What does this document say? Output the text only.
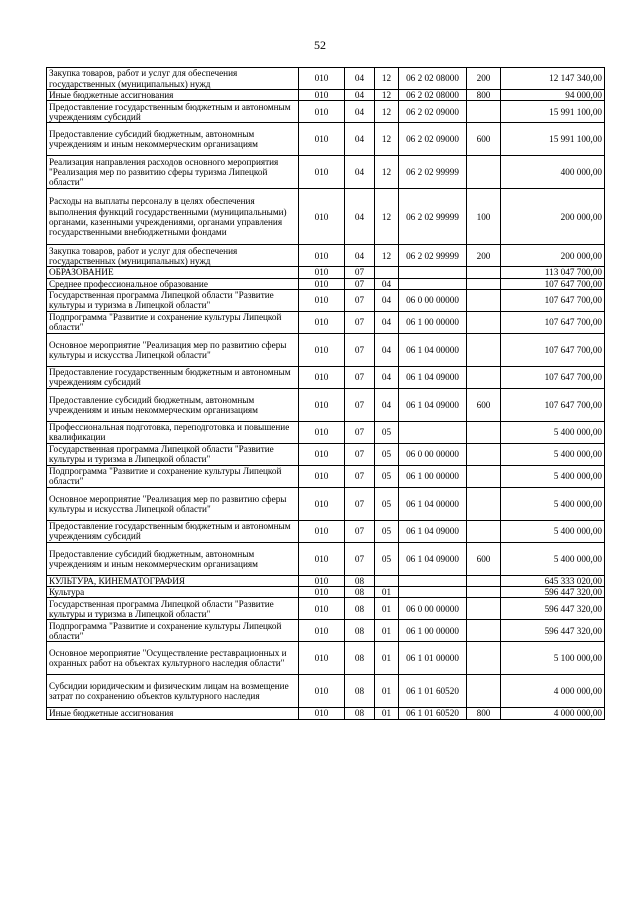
52
Закупка товаров, работ и услуг для обеспечения государственных (муниципальных) нужд	010	04	12	06 2 02 08000	200	12 147 340,00
Иные бюджетные ассигнования	010	04	12	06 2 02 08000	800	94 000,00
Предоставление государственным бюджетным и автономным учреждениям субсидий	010	04	12	06 2 02 09000		15 991 100,00
Предоставление субсидий бюджетным, автономным учреждениям и иным некоммерческим организациям	010	04	12	06 2 02 09000	600	15 991 100,00
Реализация направления расходов основного мероприятия "Реализация мер по развитию сферы туризма Липецкой области"	010	04	12	06 2 02 99999		400 000,00
Расходы на выплаты персоналу в целях обеспечения выполнения функций государственными (муниципальными) органами, казенными учреждениями, органами управления государственными внебюджетными фондами	010	04	12	06 2 02 99999	100	200 000,00
Закупка товаров, работ и услуг для обеспечения государственных (муниципальных) нужд	010	04	12	06 2 02 99999	200	200 000,00
ОБРАЗОВАНИЕ	010	07				113 047 700,00
Среднее профессиональное образование	010	07	04			107 647 700,00
Государственная программа Липецкой области "Развитие культуры и туризма в Липецкой области"	010	07	04	06 0 00 00000		107 647 700,00
Подпрограмма "Развитие и сохранение культуры Липецкой области"	010	07	04	06 1 00 00000		107 647 700,00
Основное мероприятие "Реализация мер по развитию сферы культуры и искусства Липецкой области"	010	07	04	06 1 04 00000		107 647 700,00
Предоставление государственным бюджетным и автономным учреждениям субсидий	010	07	04	06 1 04 09000		107 647 700,00
Предоставление субсидий бюджетным, автономным учреждениям и иным некоммерческим организациям	010	07	04	06 1 04 09000	600	107 647 700,00
Профессиональная подготовка, переподготовка и повышение квалификации	010	07	05			5 400 000,00
Государственная программа Липецкой области "Развитие культуры и туризма в Липецкой области"	010	07	05	06 0 00 00000		5 400 000,00
Подпрограмма "Развитие и сохранение культуры Липецкой области"	010	07	05	06 1 00 00000		5 400 000,00
Основное мероприятие "Реализация мер по развитию сферы культуры и искусства Липецкой области"	010	07	05	06 1 04 00000		5 400 000,00
Предоставление государственным бюджетным и автономным учреждениям субсидий	010	07	05	06 1 04 09000		5 400 000,00
Предоставление субсидий бюджетным, автономным учреждениям и иным некоммерческим организациям	010	07	05	06 1 04 09000	600	5 400 000,00
КУЛЬТУРА, КИНЕМАТОГРАФИЯ	010	08				645 333 020,00
Культура	010	08	01			596 447 320,00
Государственная программа Липецкой области "Развитие культуры и туризма в Липецкой области"	010	08	01	06 0 00 00000		596 447 320,00
Подпрограмма "Развитие и сохранение культуры Липецкой области"	010	08	01	06 1 00 00000		596 447 320,00
Основное мероприятие "Осуществление реставрационных и охранных работ на объектах культурного наследия области"	010	08	01	06 1 01 00000		5 100 000,00
Субсидии юридическим и физическим лицам на возмещение затрат по сохранению объектов культурного наследия	010	08	01	06 1 01 60520		4 000 000,00
Иные бюджетные ассигнования	010	08	01	06 1 01 60520	800	4 000 000,00
